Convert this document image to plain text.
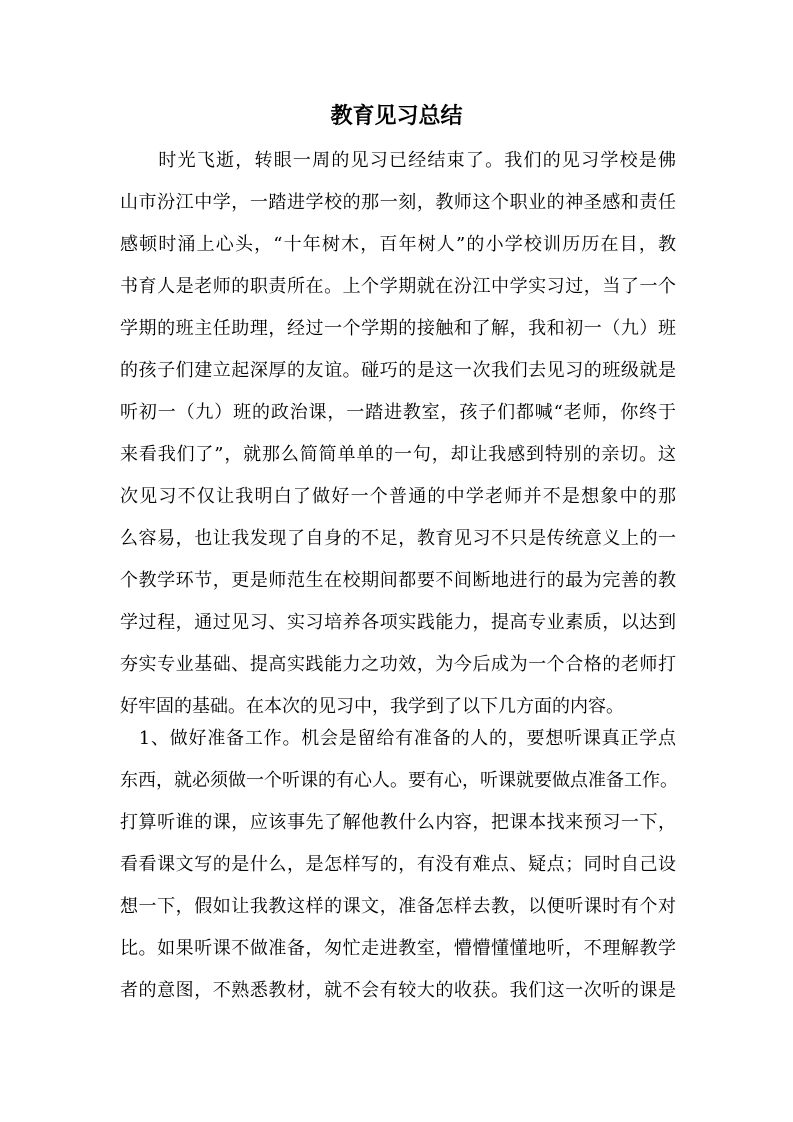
教育见习总结
　　时光飞逝，转眼一周的见习已经结束了。我们的见习学校是佛
山市汾江中学，一踏进学校的那一刻，教师这个职业的神圣感和责任
感顿时涌上心头，“十年树木，百年树人”的小学校训历历在目，教
书育人是老师的职责所在。上个学期就在汾江中学实习过，当了一个
学期的班主任助理，经过一个学期的接触和了解，我和初一（九）班
的孩子们建立起深厚的友谊。碰巧的是这一次我们去见习的班级就是
听初一（九）班的政治课，一踏进教室，孩子们都喊“老师，你终于
来看我们了”，就那么简简单单的一句，却让我感到特别的亲切。这
次见习不仅让我明白了做好一个普通的中学老师并不是想象中的那
么容易，也让我发现了自身的不足，教育见习不只是传统意义上的一
个教学环节，更是师范生在校期间都要不间断地进行的最为完善的教
学过程，通过见习、实习培养各项实践能力，提高专业素质，以达到
夯实专业基础、提高实践能力之功效，为今后成为一个合格的老师打
好牢固的基础。在本次的见习中，我学到了以下几方面的内容。
　1、做好准备工作。机会是留给有准备的人的，要想听课真正学点
东西，就必须做一个听课的有心人。要有心，听课就要做点准备工作。
打算听谁的课，应该事先了解他教什么内容，把课本找来预习一下，
看看课文写的是什么，是怎样写的，有没有难点、疑点；同时自己设
想一下，假如让我教这样的课文，准备怎样去教，以便听课时有个对
比。如果听课不做准备，匆忙走进教室，懵懵懂懂地听，不理解教学
者的意图，不熟悉教材，就不会有较大的收获。我们这一次听的课是
